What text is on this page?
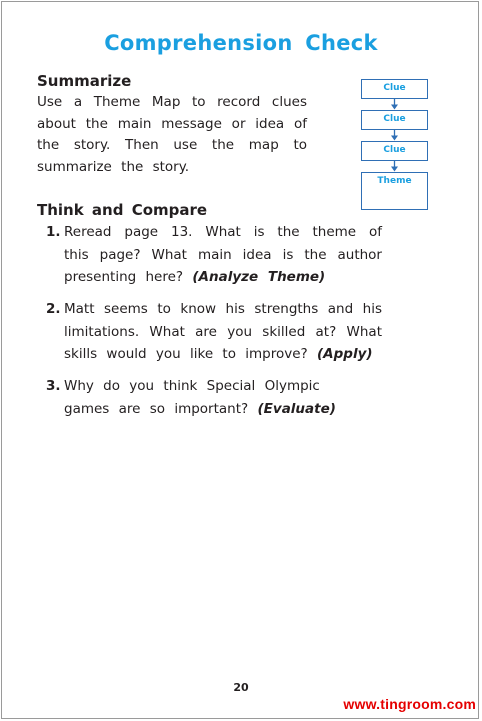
Comprehension Check
Summarize
Use a Theme Map to record clues about the main message or idea of the story. Then use the map to summarize the story.
Clue
Clue
Clue
Theme
Think and Compare
1. Reread page 13. What is the theme of this page? What main idea is the author presenting here? (Analyze Theme)
2. Matt seems to know his strengths and his limitations. What are you skilled at? What skills would you like to improve? (Apply)
3. Why do you think Special Olympic games are so important? (Evaluate)
20
www.tingroom.com
